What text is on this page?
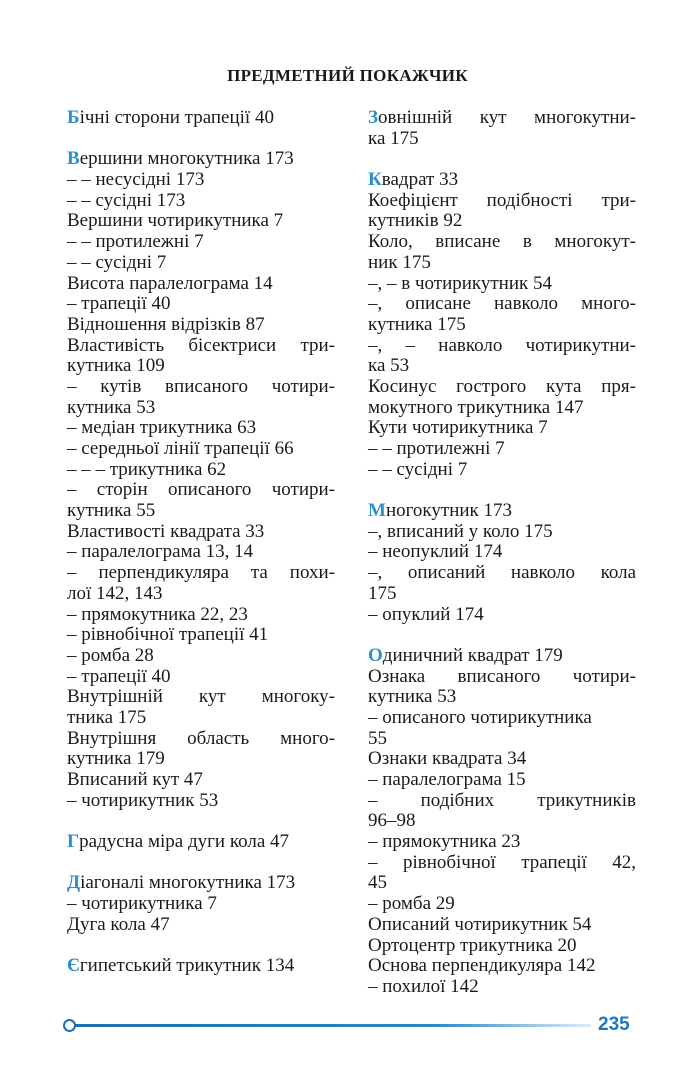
ПРЕДМЕТНИЙ ПОКАЖЧИК
Бічні сторони трапеції 40
Вершини многокутника 173
– – несусідні 173
– – сусідні 173
Вершини чотирикутника 7
– – протилежні 7
– – сусідні 7
Висота паралелограма 14
– трапеції 40
Відношення відрізків 87
Властивість бісектриси три-
кутника 109
– кутів вписаного чотири-
кутника 53
– медіан трикутника 63
– середньої лінії трапеції 66
– – – трикутника 62
– сторін описаного чотири-
кутника 55
Властивості квадрата 33
– паралелограма 13, 14
– перпендикуляра та похи-
лої 142, 143
– прямокутника 22, 23
– рівнобічної трапеції 41
– ромба 28
– трапеції 40
Внутрішній кут многоку-
тника 175
Внутрішня область много-
кутника 179
Вписаний кут 47
– чотирикутник 53
Градусна міра дуги кола 47
Діагоналі многокутника 173
– чотирикутника 7
Дуга кола 47
Єгипетський трикутник 134
Зовнішній кут многокутни-
ка 175
Квадрат 33
Коефіцієнт подібності три-
кутників 92
Коло, вписане в многокут-
ник 175
–, – в чотирикутник 54
–, описане навколо много-
кутника 175
–, – навколо чотирикутни-
ка 53
Косинус гострого кута пря-
мокутного трикутника 147
Кути чотирикутника 7
– – протилежні 7
– – сусідні 7
Многокутник 173
–, вписаний у коло 175
– неопуклий 174
–, описаний навколо кола
175
– опуклий 174
Одиничний квадрат 179
Ознака вписаного чотири-
кутника 53
– описаного чотирикутника
55
Ознаки квадрата 34
– паралелограма 15
– подібних трикутників
96–98
– прямокутника 23
– рівнобічної трапеції 42,
45
– ромба 29
Описаний чотирикутник 54
Ортоцентр трикутника 20
Основа перпендикуляра 142
– похилої 142
235
